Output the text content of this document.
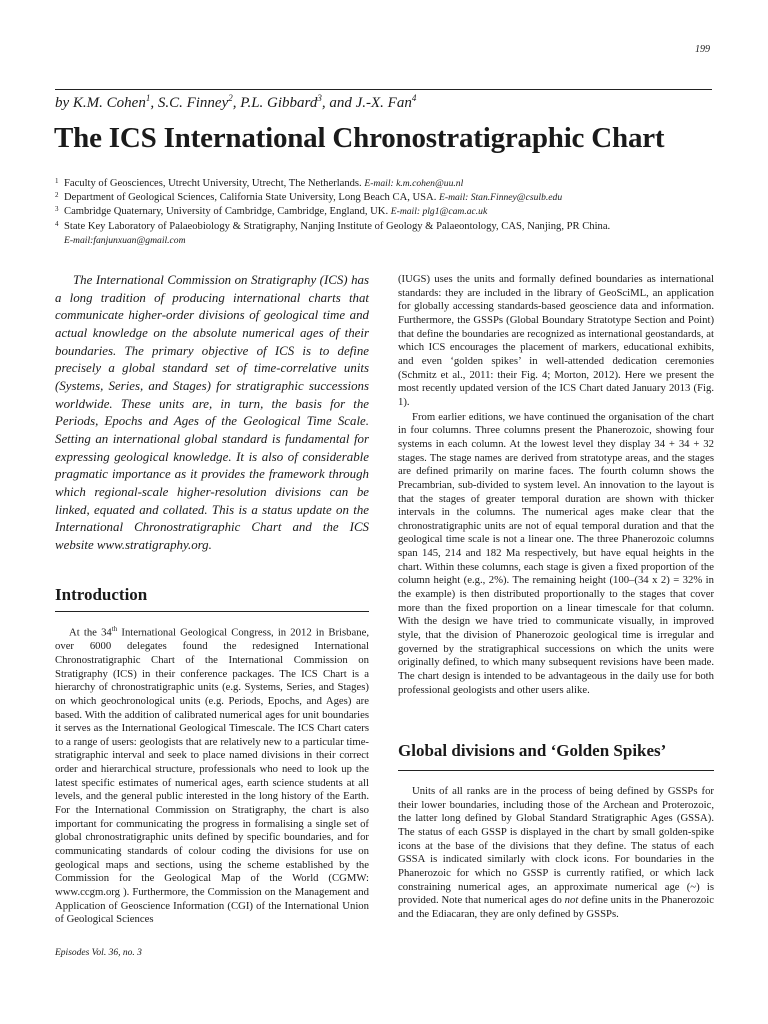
199
by K.M. Cohen$^1$, S.C. Finney$^2$, P.L. Gibbard$^3$, and J.-X. Fan$^4$
The ICS International Chronostratigraphic Chart
1 Faculty of Geosciences, Utrecht University, Utrecht, The Netherlands. E-mail: k.m.cohen@uu.nl
2 Department of Geological Sciences, California State University, Long Beach CA, USA. E-mail: Stan.Finney@csulb.edu
3 Cambridge Quaternary, University of Cambridge, Cambridge, England, UK. E-mail: plg1@cam.ac.uk
4 State Key Laboratory of Palaeobiology & Stratigraphy, Nanjing Institute of Geology & Palaeontology, CAS, Nanjing, PR China.
E-mail:fanjunxuan@gmail.com

The International Commission on Stratigraphy (ICS) has a long tradition of producing international charts that communicate higher-order divisions of geological time and actual knowledge on the absolute numerical ages of their boundaries. The primary objective of ICS is to define precisely a global standard set of time-correlative units (Systems, Series, and Stages) for stratigraphic successions worldwide. These units are, in turn, the basis for the Periods, Epochs and Ages of the Geological Time Scale. Setting an international global standard is fundamental for expressing geological knowledge. It is also of considerable pragmatic importance as it provides the framework through which regional-scale higher-resolution divisions can be linked, equated and collated. This is a status update on the International Chronostratigraphic Chart and the ICS website www.stratigraphy.org.

Introduction

At the 34th International Geological Congress, in 2012 in Brisbane, over 6000 delegates found the redesigned International Chronostratigraphic Chart of the International Commission on Stratigraphy (ICS) in their conference packages. The ICS Chart is a hierarchy of chronostratigraphic units (e.g. Systems, Series, and Stages) on which geochronological units (e.g. Periods, Epochs, and Ages) are based. With the addition of calibrated numerical ages for unit boundaries it serves as the International Geological Timescale. The ICS Chart caters to a range of users: geologists that are relatively new to a particular time-stratigraphic interval and seek to place named divisions in their correct order and hierarchical structure, professionals who need to look up the latest specific estimates of numerical ages, earth science students at all levels, and the general public interested in the long history of the Earth. For the International Commission on Stratigraphy, the chart is also important for communicating the progress in formalising a single set of global chronostratigraphic units defined by specific boundaries, and for communicating standards of colour coding the divisions for use on geological maps and sections, using the scheme established by the Commission for the Geological Map of the World (CGMW: www.ccgm.org ). Furthermore, the Commission on the Management and Application of Geoscience Information (CGI) of the International Union of Geological Sciences

(IUGS) uses the units and formally defined boundaries as international standards: they are included in the library of GeoSciML, an application for globally accessing standards-based geoscience data and information. Furthermore, the GSSPs (Global Boundary Stratotype Section and Point) that define the boundaries are recognized as international geostandards, at which ICS encourages the placement of markers, educational exhibits, and even ‘golden spikes’ in well-attended dedication ceremonies (Schmitz et al., 2011: their Fig. 4; Morton, 2012). Here we present the most recently updated version of the ICS Chart dated January 2013 (Fig. 1).

From earlier editions, we have continued the organisation of the chart in four columns. Three columns present the Phanerozoic, showing four systems in each column. At the lowest level they display 34 + 34 + 32 stages. The stage names are derived from stratotype areas, and the stages are defined primarily on marine faces. The fourth column shows the Precambrian, sub-divided to system level. An innovation to the layout is that the stages of greater temporal duration are shown with thicker intervals in the columns. The numerical ages make clear that the chronostratigraphic units are not of equal temporal duration and that the geological time scale is not a linear one. The three Phanerozoic columns span 145, 214 and 182 Ma respectively, but have equal heights in the chart. Within these columns, each stage is given a fixed proportion of the column height (e.g., 2%). The remaining height (100–(34 x 2) = 32% in the example) is then distributed proportionally to the stages that cover more than the fixed proportion on a linear timescale for that column. With the design we have tried to communicate visually, in improved style, that the division of Phanerozoic geological time is irregular and governed by the stratigraphical successions on which the units were originally defined, to which many subsequent revisions have been made. The chart design is intended to be advantageous in the daily use for both professional geologists and other users alike.

Global divisions and ‘Golden Spikes’

Units of all ranks are in the process of being defined by GSSPs for their lower boundaries, including those of the Archean and Proterozoic, the latter long defined by Global Standard Stratigraphic Ages (GSSA). The status of each GSSP is displayed in the chart by small golden-spike icons at the base of the divisions that they define. The status of each GSSA is indicated similarly with clock icons. For boundaries in the Phanerozoic for which no GSSP is currently ratified, or which lack constraining numerical ages, an approximate numerical age (~) is provided. Note that numerical ages do not define units in the Phanerozoic and the Ediacaran, they are only defined by GSSPs.

Episodes Vol. 36, no. 3
